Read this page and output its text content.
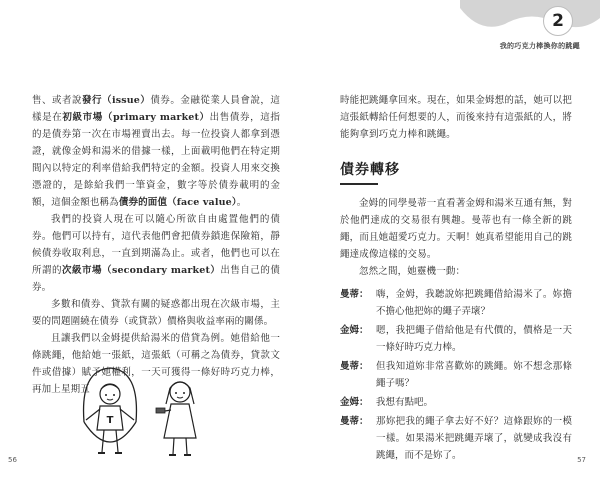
售、或者說發行（issue）債券。金融從業人員會說，這樣是在初級市場（primary market）出售債券，這指的是債券第一次在市場裡賣出去。每一位投資人都拿到憑證，就像金姆和湯米的借據一樣，上面載明他們在特定期間內以特定的利率借給我們特定的金額。投資人用來交換憑證的，是餘給我們一筆資金，數字等於債券載明的金額，這個金額也稱為債券的面值（face value）。

我們的投資人現在可以隨心所欲自由處置他們的債券。他們可以持有，這代表他們會把債券鎖進保險箱，靜候債券收取利息，一直到期滿為止。或者，他們也可以在所謂的次級市場（secondary market）出售自己的債券。

多數和債券、貸款有關的疑惑都出現在次級市場，主要的問題圍繞在債券（或貸款）價格與收益率兩的關係。

且讓我們以金姆提供給湯米的借貸為例。她借給他一條跳繩，他給她一張紙，這張紙（可稱之為債券，貸款文件或借據）賦予她權利，一天可獲得一條好時巧克力棒，再加上星期五

T
56
2
我的巧克力棒換你的跳繩

時能把跳繩拿回來。現在，如果金姆想的話，她可以把這張紙轉給任何想要的人，而後來持有這張紙的人，將能夠拿到巧克力棒和跳繩。

債券轉移

金姆的同學曼蒂一直看著金姆和湯米互通有無，對於他們達成的交易很有興趣。曼蒂也有一條全新的跳繩，而且她超愛巧克力。天啊！她真希望能用自己的跳繩達成像這樣的交易。

忽然之間，她靈機一動：

曼蒂： 嗨，金姆，我聽說妳把跳繩借給湯米了。妳擔不擔心他把妳的繩子弄壞？
金姆： 嗯，我把繩子借給他是有代價的，價格是一天一條好時巧克力棒。
曼蒂： 但我知道妳非常喜歡妳的跳繩。妳不想念那條繩子嗎？
金姆： 我想有點吧。
曼蒂： 那妳把我的繩子拿去好不好？這條跟妳的一模一樣。如果湯米把跳繩弄壞了，就變成我沒有跳繩，而不是妳了。	57
